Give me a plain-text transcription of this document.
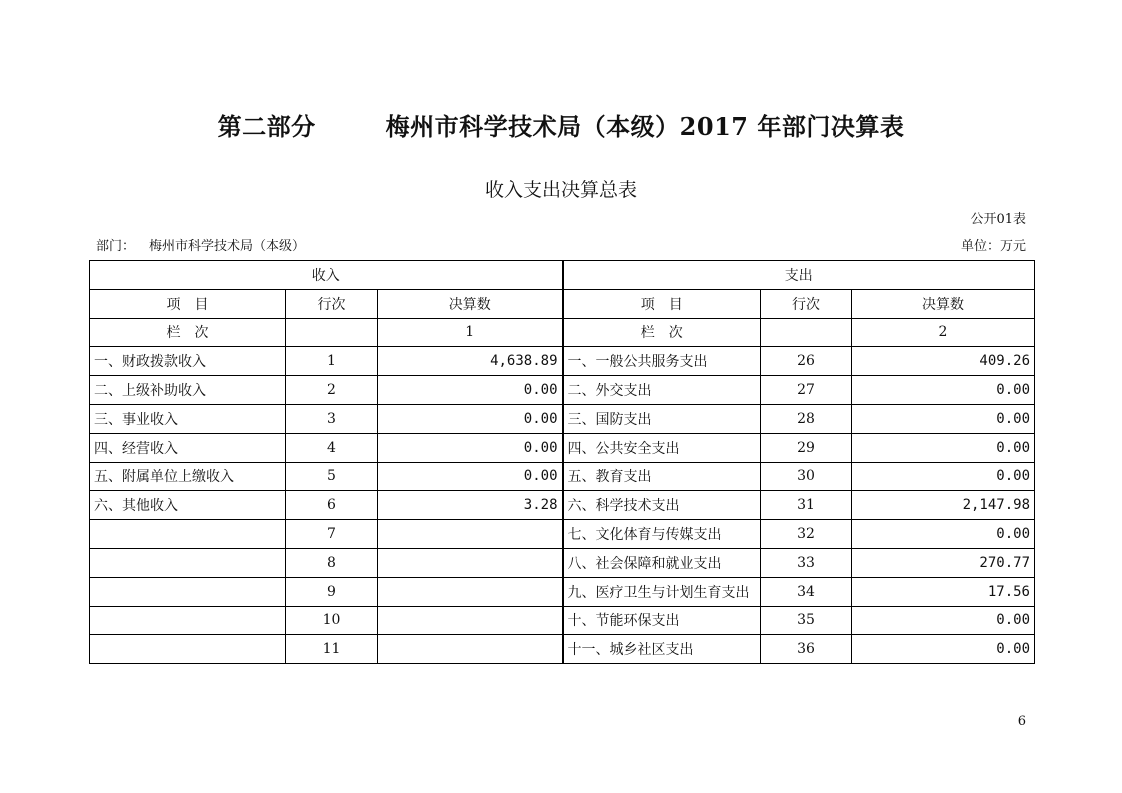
第二部分	梅州市科学技术局（本级）2017 年部门决算表
收入支出决算总表
公开01表
部门： 梅州市科学技术局（本级）	单位：万元
收入			支出		
项　目	行次	决算数	项　目	行次	决算数
栏　次		1	栏　次		2
一、财政拨款收入	1	4,638.89	一、一般公共服务支出	26	409.26
二、上级补助收入	2	0.00	二、外交支出	27	0.00
三、事业收入	3	0.00	三、国防支出	28	0.00
四、经营收入	4	0.00	四、公共安全支出	29	0.00
五、附属单位上缴收入	5	0.00	五、教育支出	30	0.00
六、其他收入	6	3.28	六、科学技术支出	31	2,147.98
	7		七、文化体育与传媒支出	32	0.00
	8		八、社会保障和就业支出	33	270.77
	9		九、医疗卫生与计划生育支出	34	17.56
	10		十、节能环保支出	35	0.00
	11		十一、城乡社区支出	36	0.00
6
